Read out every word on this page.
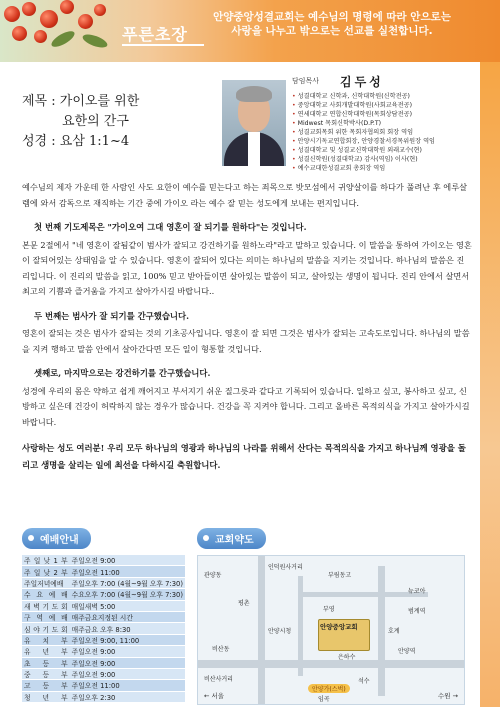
푸른초장
안양중앙성결교회는 예수님의 명령에 따라 안으로는 사랑을 나누고 밖으로는 선교를 실천합니다.
제목 : 가이오를 위한
요한의 간구
성경 : 요삼 1:1~4
담임목사	김두성
• 성결대학교 신학과, 신학대학원(신학전공)
• 중앙대학교 사회개발대학원(사회교육전공)
• 연세대학교 연합신학대학원(목회상담전공)
• Midwest 목회신학박사(D.P.T)
• 성결교회목회 위한 목회자협의회 회장 역임
• 안양시기독교연합회장, 안양경찰서경목위원장 역임
• 성결대학교 및 성결교신학대학원 외래교수(현)
• 성결신학원(성결대학교) 감사(역임) 이사(현)
• 예수교대한성결교회 총회장 역임

예수님의 제자 가운데 한 사람인 사도 요한이 예수를 믿는다고 하는 죄목으로 밧모섬에서 귀양살이를 하다가 풀려난 후 에루살렘에 와서 감독으로 재직하는 기간 중에 가이오 라는 예수 잘 믿는 성도에게 보내는 편지입니다.

첫 번째 기도제목은 "가이오여 그대 영혼이 잘 되기를 원하다"는 것입니다.

본문 2절에서 "네 영혼이 잘됨같이 범사가 잘되고 강건하기를 원하노라"라고 말하고 있습니다. 이 말씀을 통하여 가이오는 영혼이 잘되어있는 상태임을 알 수 있습니다. 영혼이 잘되어 있다는 의미는 하나님의 말씀을 지키는 것입니다. 하나님의 말씀은 진리입니다. 이 진리의 말씀을 읽고, 100% 믿고 받아들이면 살아있는 말씀이 되고, 살아있는 생명이 됩니다. 진리 안에서 살면서 최고의 기쁨과 즐거움을 가지고 살아가시길 바랍니다..

두 번째는 범사가 잘 되기를 간구했습니다.

영혼이 잘되는 것은 범사가 잘되는 것의 기초공사입니다. 영혼이 잘 되면 그것은 범사가 잘되는 고속도로입니다. 하나님의 말씀을 지켜 행하고 말씀 안에서 살아간다면 모든 일이 형통할 것입니다.

셋째로, 마지막으로는 강건하기를 간구했습니다.

성경에 우리의 몸은 약하고 쉽게 깨어지고 부서지기 쉬운 질그릇과 같다고 기록되어 있습니다. 일하고 싶고, 봉사하고 싶고, 신방하고 싶은데 건강이 허락하지 않는 경우가 많습니다. 건강을 꼭 지켜야 합니다. 그리고 올바른 목적의식을 가지고 살아가시길 바랍니다.

사랑하는 성도 여러분! 우리 모두 하나님의 영광과 하나님의 나라를 위해서 산다는 목적의식을 가지고 하나님께 영광을 돌리고 생명을 살리는 일에 최선을 다하시길 축원합니다.

예배안내
주 일 낮 1 부	주일오전 9:00
주 일 낮 2 부	주일오전 11:00
주일저녁예배	주일오후 7:00 (4월~9월 오후 7:30)
수 요 예 배	수요오후 7:00 (4월~9월 오후 7:30)
새 벽 기 도 회	매일새벽 5:00
구 역 예 배	매주금요지정된 시간
심 야 기 도 회	매주금요 오후 8:30
유 치 부	주일오전 9:00, 11:00
유 년 부	주일오전 9:00
초 등 부	주일오전 9:00
중 등 부	주일오전 9:00
고 등 부	주일오전 11:00
청 년 부	주일오후 2:30
교회약도
안양중앙교회
인덕원사거리
관양동	부림동고
평촌
범계역
안양역
비산동
석수
안양시청	호계
비산사거리
은하수
임곡
뉴코아
부영
← 서울	수원 →
안양가(스벅)
